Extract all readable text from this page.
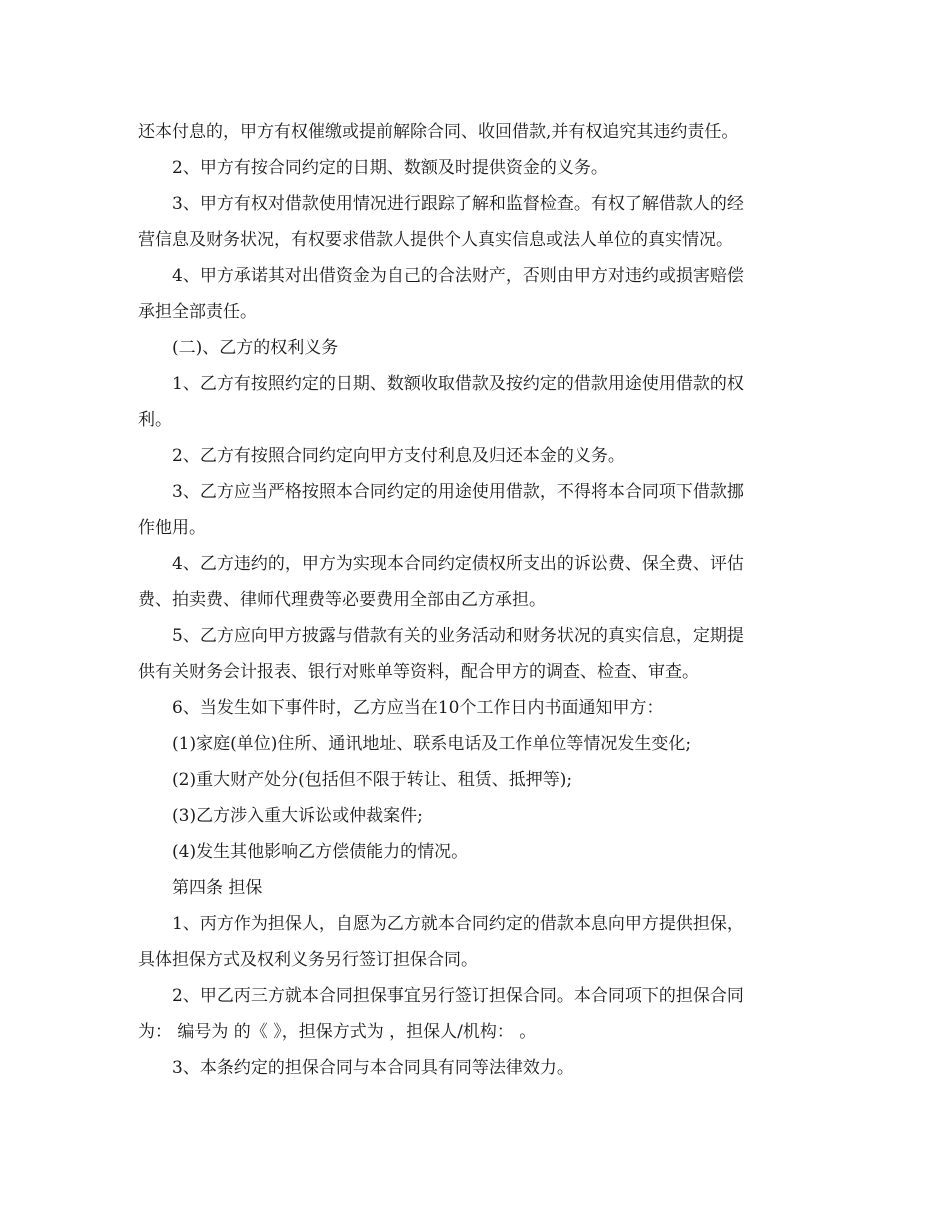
还本付息的，甲方有权催缴或提前解除合同、收回借款,并有权追究其违约责任。
2、甲方有按合同约定的日期、数额及时提供资金的义务。
3、甲方有权对借款使用情况进行跟踪了解和监督检查。有权了解借款人的经
营信息及财务状况，有权要求借款人提供个人真实信息或法人单位的真实情况。
4、甲方承诺其对出借资金为自己的合法财产，否则由甲方对违约或损害赔偿
承担全部责任。
(二)、乙方的权利义务
1、乙方有按照约定的日期、数额收取借款及按约定的借款用途使用借款的权
利。
2、乙方有按照合同约定向甲方支付利息及归还本金的义务。
3、乙方应当严格按照本合同约定的用途使用借款，不得将本合同项下借款挪
作他用。
4、乙方违约的，甲方为实现本合同约定债权所支出的诉讼费、保全费、评估
费、拍卖费、律师代理费等必要费用全部由乙方承担。
5、乙方应向甲方披露与借款有关的业务活动和财务状况的真实信息，定期提
供有关财务会计报表、银行对账单等资料，配合甲方的调查、检查、审查。
6、当发生如下事件时，乙方应当在10个工作日内书面通知甲方：
(1)家庭(单位)住所、通讯地址、联系电话及工作单位等情况发生变化;
(2)重大财产处分(包括但不限于转让、租赁、抵押等);
(3)乙方涉入重大诉讼或仲裁案件;
(4)发生其他影响乙方偿债能力的情况。
第四条 担保
1、丙方作为担保人，自愿为乙方就本合同约定的借款本息向甲方提供担保，
具体担保方式及权利义务另行签订担保合同。
2、甲乙丙三方就本合同担保事宜另行签订担保合同。本合同项下的担保合同
为： 编号为 的《 》，担保方式为 ，担保人/机构： 。
3、本条约定的担保合同与本合同具有同等法律效力。
